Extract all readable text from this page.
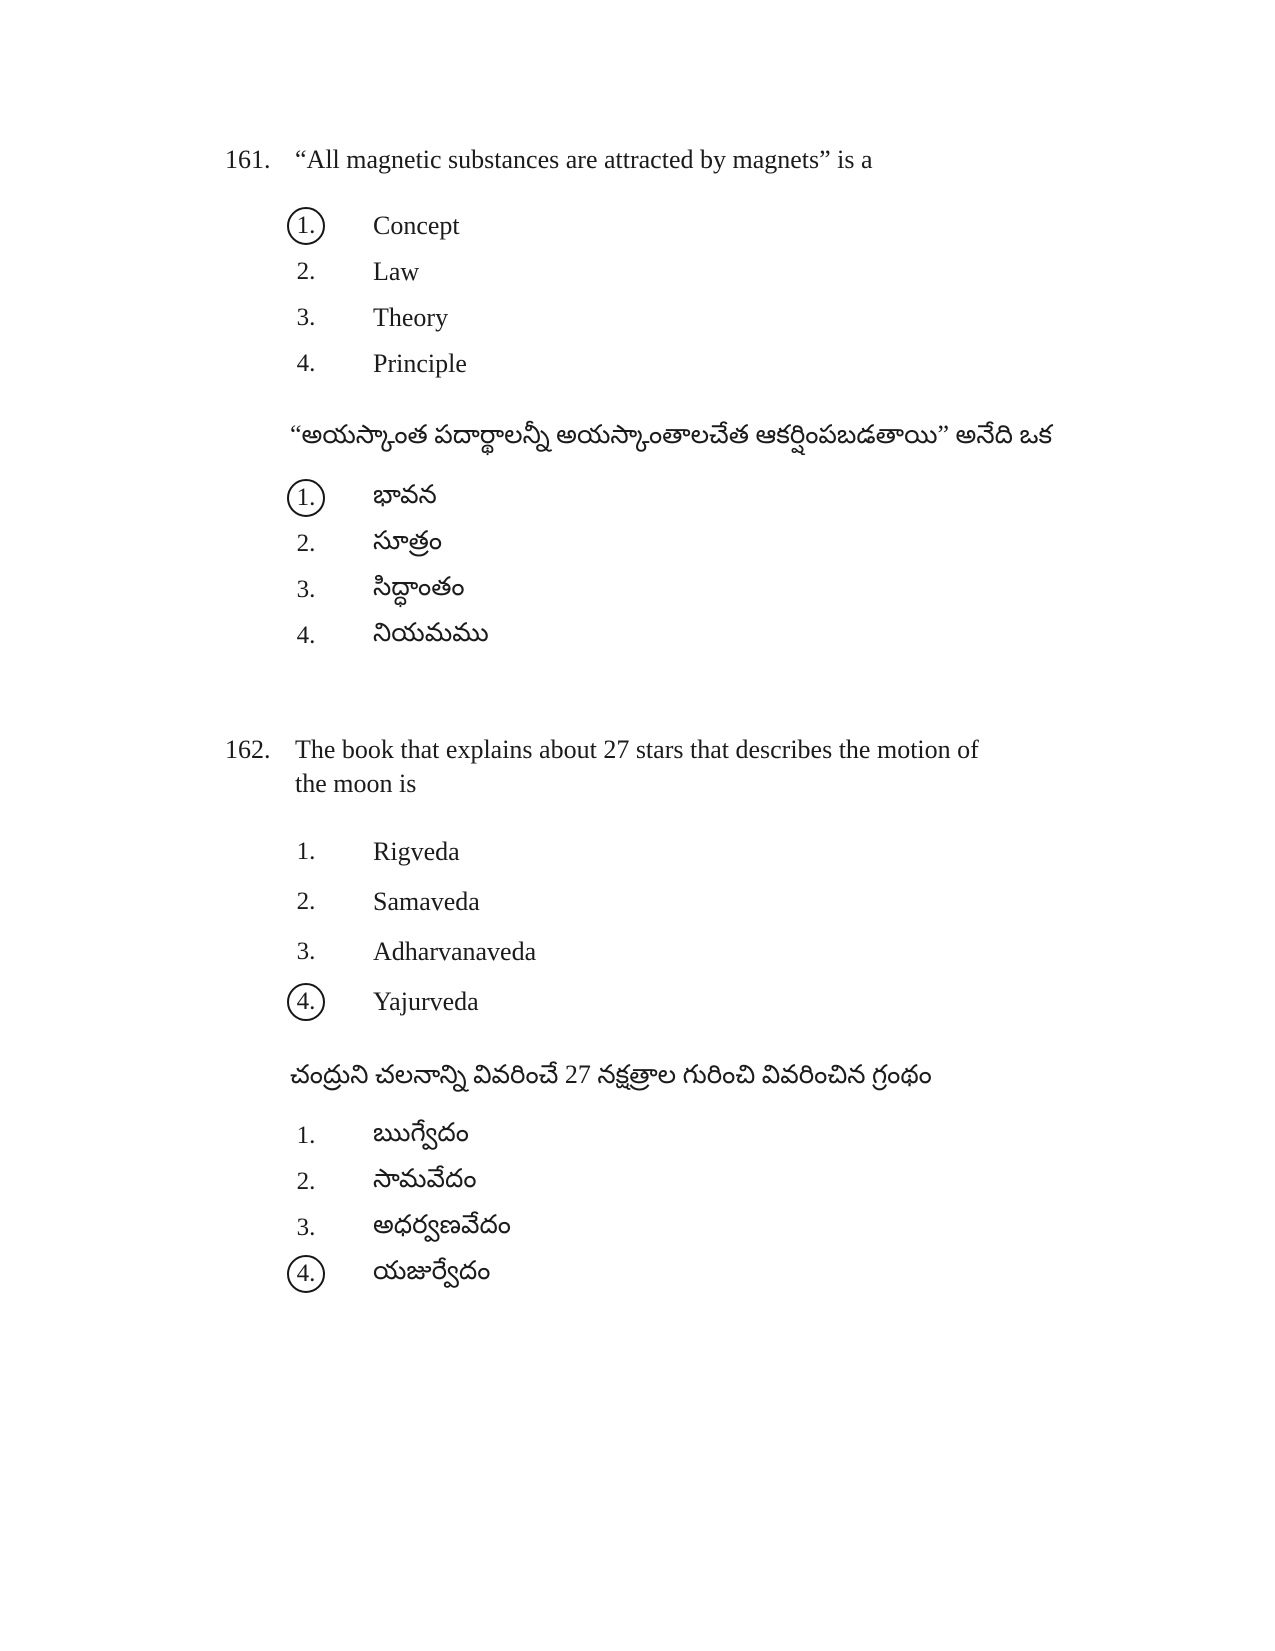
161. “All magnetic substances are attracted by magnets” is a
1.	Concept
2.	Law
3.	Theory
4.	Principle
“అయస్కాంత పదార్థాలన్నీ అయస్కాంతాలచేత ఆకర్షింపబడతాయి” అనేది ఒక
1.	భావన
2.	సూత్రం
3.	సిద్ధాంతం
4.	నియమము
162. The book that explains about 27 stars that describes the motion of the moon is
1.	Rigveda
2.	Samaveda
3.	Adharvanaveda
4.	Yajurveda
చంద్రుని చలనాన్ని వివరించే 27 నక్షత్రాల గురించి వివరించిన గ్రంథం
1.	ఋగ్వేదం
2.	సామవేదం
3.	అధర్వణవేదం
4.	యజుర్వేదం
